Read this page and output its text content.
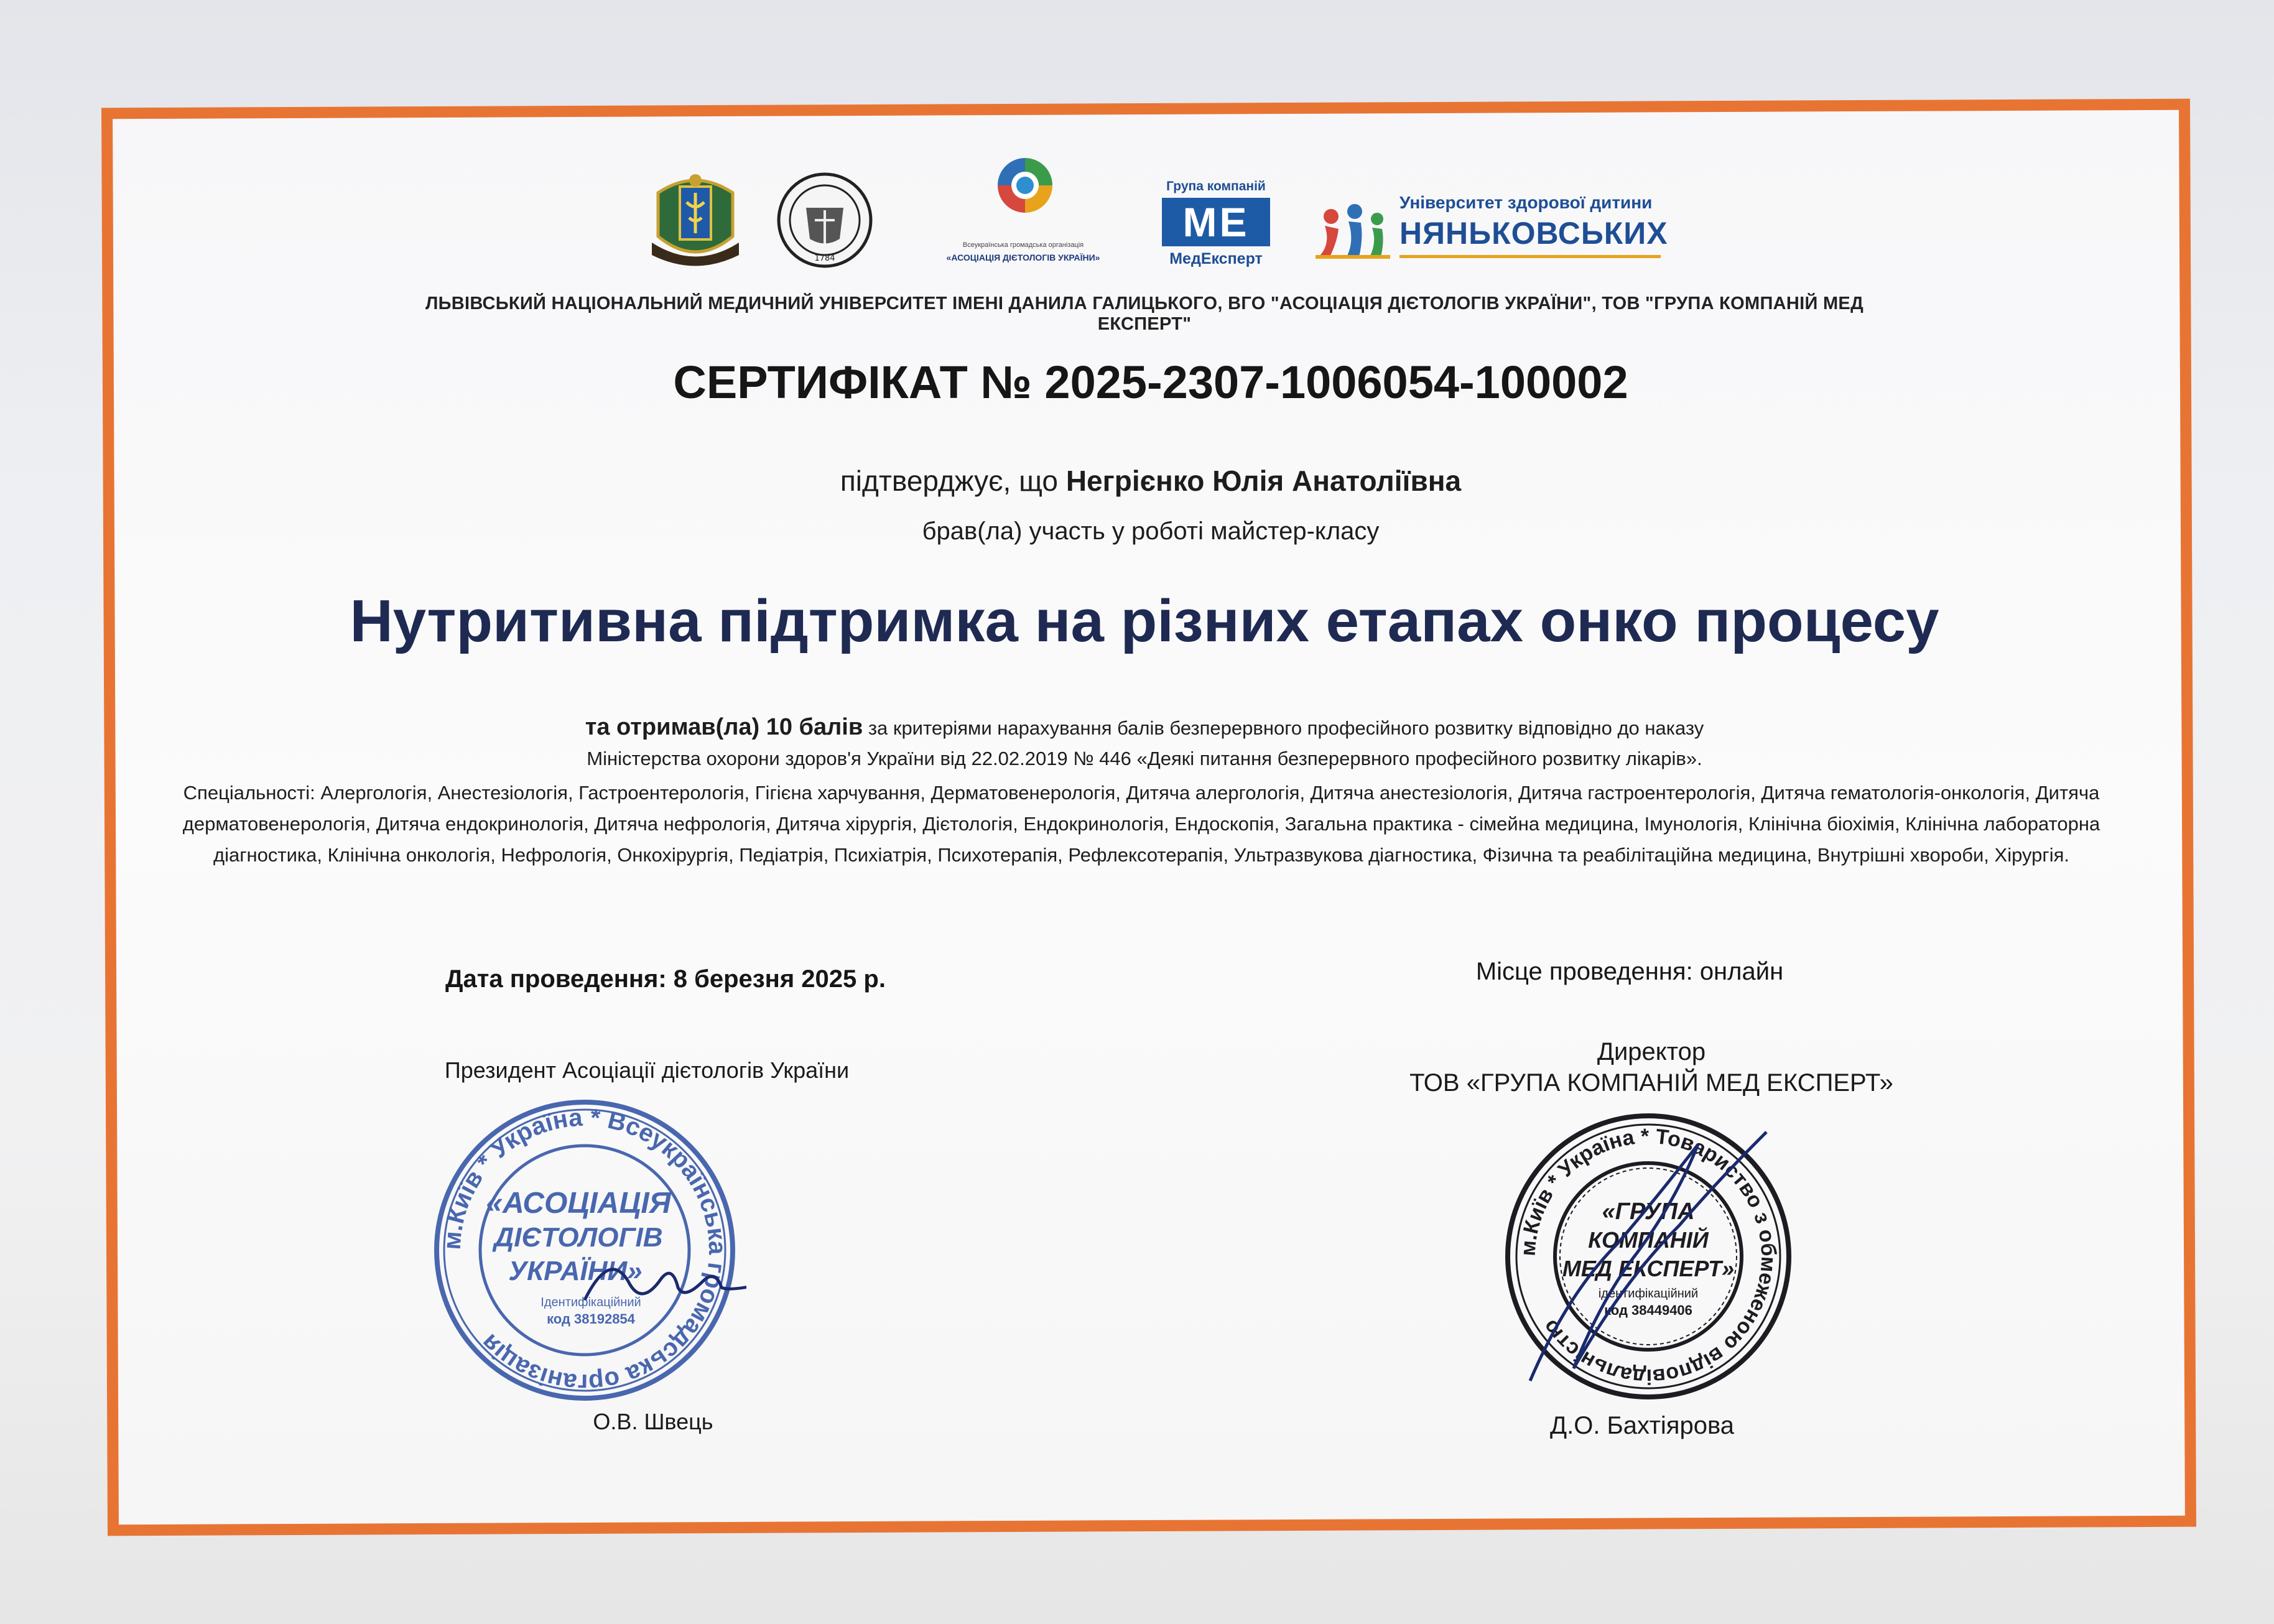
1784
Всеукраїнська громадська організація
«АСОЦІАЦІЯ ДІЄТОЛОГІВ УКРАЇНИ»
Група компаній
ME
МедЕксперт
Університет здорової дитини
НЯНЬКОВСЬКИХ
ЛЬВІВСЬКИЙ НАЦІОНАЛЬНИЙ МЕДИЧНИЙ УНІВЕРСИТЕТ ІМЕНІ ДАНИЛА ГАЛИЦЬКОГО, ВГО "АСОЦІАЦІЯ ДІЄТОЛОГІВ УКРАЇНИ", ТОВ "ГРУПА КОМПАНІЙ МЕД ЕКСПЕРТ"
СЕРТИФІКАТ № 2025-2307-1006054-100002
підтверджує, що Негрієнко Юлія Анатоліївна
брав(ла) участь у роботі майстер-класу
Нутритивна підтримка на різних етапах онко процесу
та отримав(ла) 10 балів за критеріями нарахування балів безперервного професійного розвитку відповідно до наказу
Міністерства охорони здоров'я України від 22.02.2019 № 446 «Деякі питання безперервного професійного розвитку лікарів».
Спеціальності: Алергологія, Анестезіологія, Гастроентерологія, Гігієна харчування, Дерматовенерологія, Дитяча алергологія, Дитяча анестезіологія, Дитяча гастроентерологія, Дитяча гематологія-онкологія, Дитяча дерматовенерологія, Дитяча ендокринологія, Дитяча нефрологія, Дитяча хірургія, Дієтологія, Ендокринологія, Ендоскопія, Загальна практика - сімейна медицина, Імунологія, Клінічна біохімія, Клінічна лабораторна діагностика, Клінічна онкологія, Нефрологія, Онкохірургія, Педіатрія, Психіатрія, Психотерапія, Рефлексотерапія, Ультразвукова діагностика, Фізична та реабілітаційна медицина, Внутрішні хвороби, Хірургія.
Дата проведення: 8 березня 2025 р.	Місце проведення: онлайн
Президент Асоціації дієтологів України
Директор
ТОВ «ГРУПА КОМПАНІЙ МЕД ЕКСПЕРТ»
м.Київ * Україна * Всеукраїнська громадська організація
«АСОЦІАЦІЯ
ДІЄТОЛОГІВ
УКРАЇНИ»
Ідентифікаційний
код 38192854
О.В. Швець
м.Київ * Україна * Товариство з обмеженою відповідальністю
«ГРУПА
КОМПАНІЙ
МЕД ЕКСПЕРТ»
ідентифікаційний
код 38449406
Д.О. Бахтіярова
